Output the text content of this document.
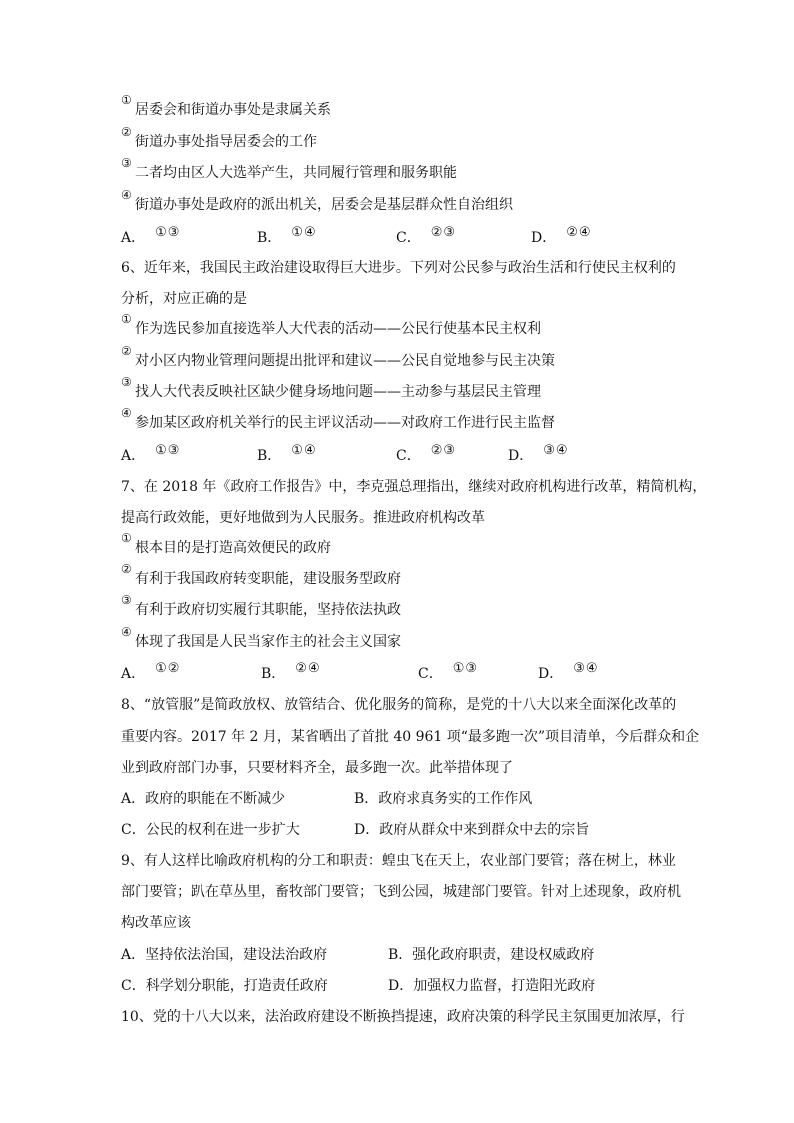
①
居委会和街道办事处是隶属关系
②
街道办事处指导居委会的工作
③
二者均由区人大选举产生，共同履行管理和服务职能
④
街道办事处是政府的派出机关，居委会是基层群众性自治组织
A． ①③	B． ①④	C． ②③	D． ②④
6、近年来，我国民主政治建设取得巨大进步。下列对公民参与政治生活和行使民主权利的
分析，对应正确的是
①
作为选民参加直接选举人大代表的活动——公民行使基本民主权利
②
对小区内物业管理问题提出批评和建议——公民自觉地参与民主决策
③
找人大代表反映社区缺少健身场地问题——主动参与基层民主管理
④
参加某区政府机关举行的民主评议活动——对政府工作进行民主监督
A． ①③	B． ①④	C． ②③	D． ③④
7、在 2018 年《政府工作报告》中，李克强总理指出，继续对政府机构进行改革，精简机构，
提高行政效能，更好地做到为人民服务。推进政府机构改革
①
根本目的是打造高效便民的政府
②
有利于我国政府转变职能，建设服务型政府
③
有利于政府切实履行其职能，坚持依法执政
④
体现了我国是人民当家作主的社会主义国家
A． ①②	B． ②④	C． ①③	D． ③④
8、“放管服”是简政放权、放管结合、优化服务的简称，是党的十八大以来全面深化改革的
重要内容。2017 年 2 月，某省晒出了首批 40 961 项“最多跑一次”项目清单，今后群众和企
业到政府部门办事，只要材料齐全，最多跑一次。此举措体现了
A．政府的职能在不断减少	B．政府求真务实的工作作风
C．公民的权利在进一步扩大	D．政府从群众中来到群众中去的宗旨
9、有人这样比喻政府机构的分工和职责：蝗虫飞在天上，农业部门要管；落在树上，林业
部门要管；趴在草丛里，畜牧部门要管；飞到公园，城建部门要管。针对上述现象，政府机
构改革应该
A．坚持依法治国，建设法治政府	B．强化政府职责，建设权威政府
C．科学划分职能，打造责任政府	D．加强权力监督，打造阳光政府
10、党的十八大以来，法治政府建设不断换挡提速，政府决策的科学民主氛围更加浓厚，行
